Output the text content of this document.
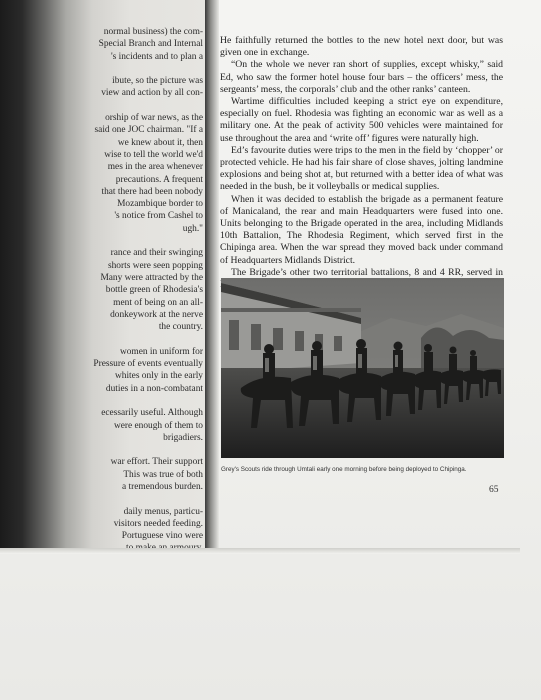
normal business) the com-
Special Branch and Internal
's incidents and to plan a
ibute, so the picture was
view and action by all con-
orship of war news, as the
said one JOC chairman. "If a
we knew about it, then
wise to tell the world we'd
mes in the area whenever
precautions. A frequent
that there had been nobody
Mozambique border to
's notice from Cashel to
ugh."
rance and their swinging
shorts were seen popping
Many were attracted by the
bottle green of Rhodesia's
ment of being on an all-
donkeywork at the nerve
the country.
women in uniform for
Pressure of events eventually
whites only in the early
duties in a non-combatant
ecessarily useful. Although
were enough of them to
brigadiers.
war effort. Their support
This was true of both
a tremendous burden.
daily menus, particu-
visitors needed feeding.
Portuguese vino were

He faithfully returned the bottles to the new hotel next door, but was given one in exchange.

“On the whole we never ran short of supplies, except whisky,” said Ed, who saw the former hotel house four bars – the officers’ mess, the sergeants’ mess, the corporals’ club and the other ranks’ canteen.

Wartime difficulties included keeping a strict eye on expenditure, especially on fuel. Rhodesia was fighting an economic war as well as a military one. At the peak of activity 500 vehicles were maintained for use throughout the area and ‘write off’ figures were naturally high.

Ed’s favourite duties were trips to the men in the field by ‘chopper’ or protected vehicle. He had his fair share of close shaves, jolting landmine explosions and being shot at, but returned with a better idea of what was needed in the bush, be it volleyballs or medical supplies.

When it was decided to establish the brigade as a permanent feature of Manicaland, the rear and main Headquarters were fused into one. Units belonging to the Brigade operated in the area, including Midlands 10th Battalion, The Rhodesia Regiment, which served first in the Chipinga area. When the war spread they moved back under command of Headquarters Midlands District.

The Brigade’s other two territorial battalions, 8 and 4 RR, served in

Grey's Scouts ride through Umtali early one morning before being deployed to Chipinga.
65
